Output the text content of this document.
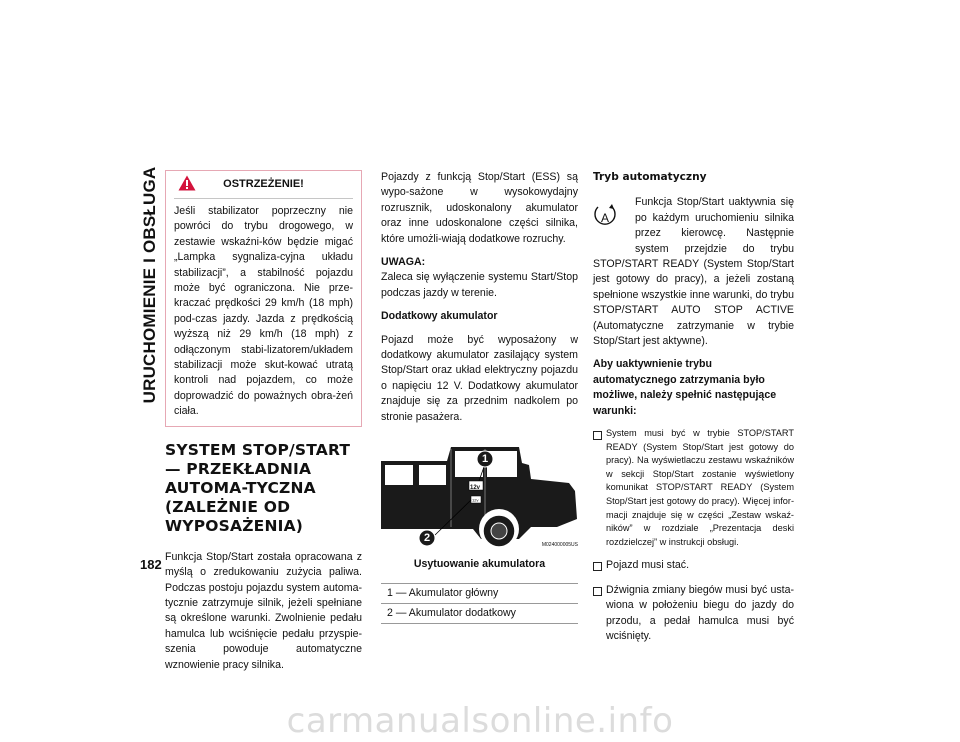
URUCHOMIENIE I OBSŁUGA
182
OSTRZEŻENIE!

Jeśli stabilizator poprzeczny nie powróci do trybu drogowego, w zestawie wskaźni-ków będzie migać „Lampka sygnaliza-cyjna układu stabilizacji”, a stabilność pojazdu może być ograniczona. Nie prze-kraczać prędkości 29 km/h (18 mph) pod-czas jazdy. Jazda z prędkością wyższą niż 29 km/h (18 mph) z odłączonym stabi-lizatorem/układem stabilizacji może skut-kować utratą kontroli nad pojazdem, co może doprowadzić do poważnych obra-żeń ciała.

SYSTEM STOP/START — PRZEKŁADNIA AUTOMA-TYCZNA (ZALEŻNIE OD WYPOSAŻENIA)

Funkcja Stop/Start została opracowana z myślą o zredukowaniu zużycia paliwa. Podczas postoju pojazdu system automa-tycznie zatrzymuje silnik, jeżeli spełniane są określone warunki. Zwolnienie pedału hamulca lub wciśnięcie pedału przyspie-szenia powoduje automatyczne wznowienie pracy silnika.

Pojazdy z funkcją Stop/Start (ESS) są wypo-sażone w wysokowydajny rozrusznik, udoskonalony akumulator oraz inne udoskonalone części silnika, które umożli-wiają dodatkowe rozruchy.

UWAGA:

Zaleca się wyłączenie systemu Start/Stop podczas jazdy w terenie.

Dodatkowy akumulator

Pojazd może być wyposażony w dodatkowy akumulator zasilający system Stop/Start oraz układ elektryczny pojazdu o napięciu 12 V. Dodatkowy akumulator znajduje się za przednim nadkolem po stronie pasażera.

12v
12v
1
2
M024000005US

Usytuowanie akumulatora

1 — Akumulator główny
2 — Akumulator dodatkowy
Tryb automatyczny
A

Funkcja Stop/Start uaktywnia się po każdym uruchomieniu silnika przez kierowcę. Następnie system przejdzie do trybu STOP/START READY (System Stop/Start jest gotowy do pracy), a jeżeli zostaną spełnione wszystkie inne warunki, do trybu STOP/START AUTO STOP ACTIVE (Automatyczne zatrzymanie w trybie Stop/Start jest aktywne).

Aby uaktywnienie trybu automatycznego zatrzymania było możliwe, należy spełnić następujące warunki:

System musi być w trybie STOP/START READY (System Stop/Start jest gotowy do pracy). Na wyświetlaczu zestawu wskaźników w sekcji Stop/Start zostanie wyświetlony komunikat STOP/START READY (System Stop/Start jest gotowy do pracy). Więcej infor-macji znajduje się w części „Zestaw wskaź-ników” w rozdziale „Prezentacja deski rozdzielczej” w instrukcji obsługi.
Pojazd musi stać.
Dźwignia zmiany biegów musi być usta-wiona w położeniu biegu do jazdy do przodu, a pedał hamulca musi być wciśnięty.
carmanualsonline.info
